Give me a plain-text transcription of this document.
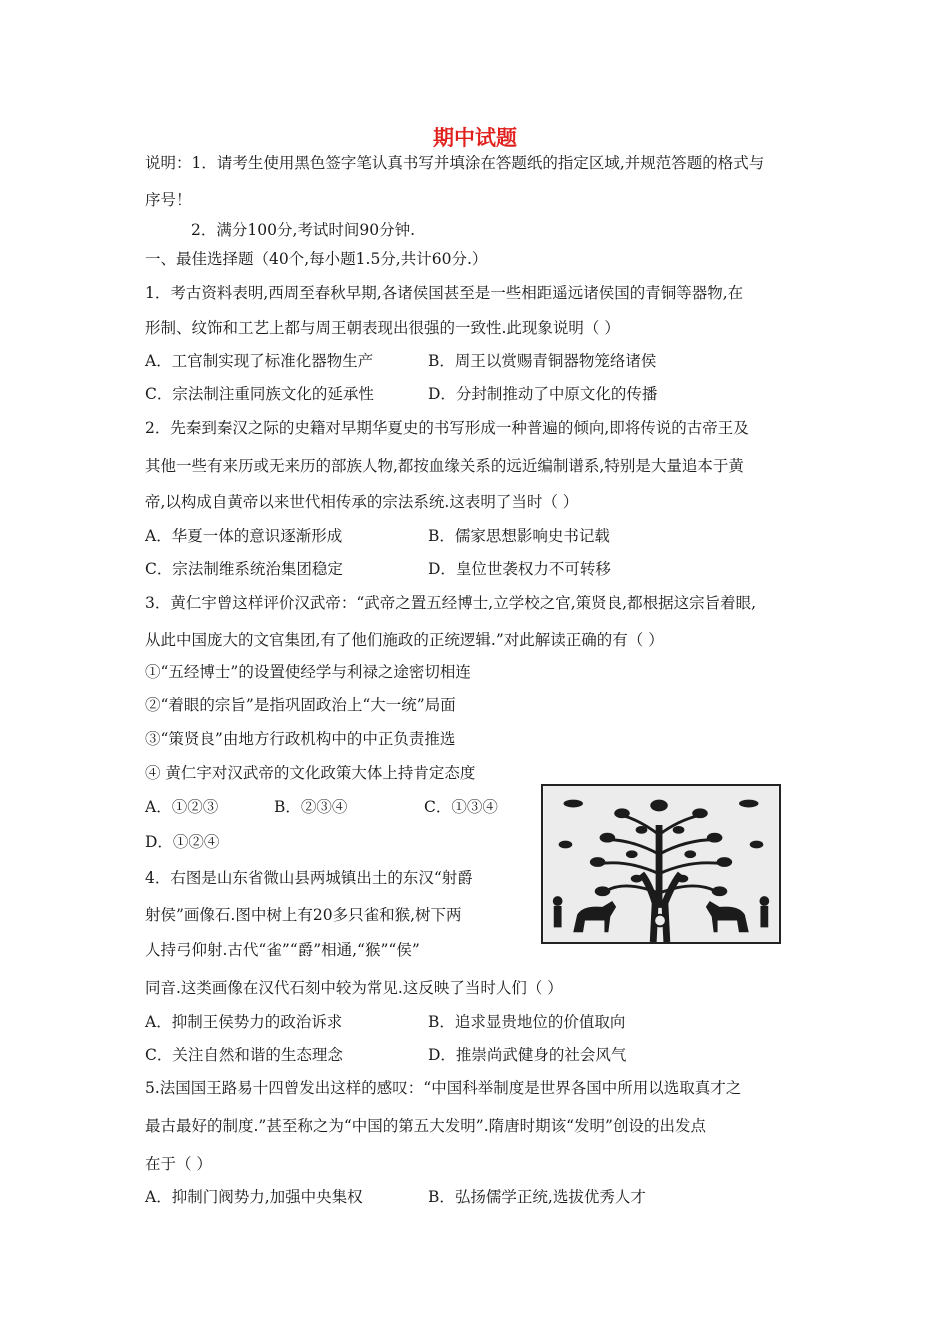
期中试题
说明：1．请考生使用黑色签字笔认真书写并填涂在答题纸的指定区域,并规范答题的格式与
序号！
2．满分100分,考试时间90分钟.
一、最佳选择题（40个,每小题1.5分,共计60分.）
1．考古资料表明,西周至春秋早期,各诸侯国甚至是一些相距遥远诸侯国的青铜等器物,在
形制、纹饰和工艺上都与周王朝表现出很强的一致性.此现象说明（ ）
A．工官制实现了标准化器物生产	B．周王以赏赐青铜器物笼络诸侯
C．宗法制注重同族文化的延承性	D．分封制推动了中原文化的传播
2．先秦到秦汉之际的史籍对早期华夏史的书写形成一种普遍的倾向,即将传说的古帝王及
其他一些有来历或无来历的部族人物,都按血缘关系的远近编制谱系,特别是大量追本于黄
帝,以构成自黄帝以来世代相传承的宗法系统.这表明了当时（ ）
A．华夏一体的意识逐渐形成	B．儒家思想影响史书记载
C．宗法制维系统治集团稳定	D．皇位世袭权力不可转移
3．黄仁宇曾这样评价汉武帝：“武帝之置五经博士,立学校之官,策贤良,都根据这宗旨着眼,
从此中国庞大的文官集团,有了他们施政的正统逻辑.”对此解读正确的有（ ）
①“五经博士”的设置使经学与利禄之途密切相连
②“着眼的宗旨”是指巩固政治上“大一统”局面
③“策贤良”由地方行政机构中的中正负责推选
④ 黄仁宇对汉武帝的文化政策大体上持肯定态度
A．①②③	B．②③④	C．①③④
D．①②④
4．右图是山东省微山县两城镇出土的东汉“射爵
射侯”画像石.图中树上有20多只雀和猴,树下两
人持弓仰射.古代“雀”“爵”相通,“猴”“侯”
同音.这类画像在汉代石刻中较为常见.这反映了当时人们（ ）
A．抑制王侯势力的政治诉求	B．追求显贵地位的价值取向
C．关注自然和谐的生态理念	D．推崇尚武健身的社会风气
5.法国国王路易十四曾发出这样的感叹：“中国科举制度是世界各国中所用以选取真才之
最古最好的制度.”甚至称之为“中国的第五大发明”.隋唐时期该“发明”创设的出发点
在于（ ）
A．抑制门阀势力,加强中央集权	B．弘扬儒学正统,选拔优秀人才
